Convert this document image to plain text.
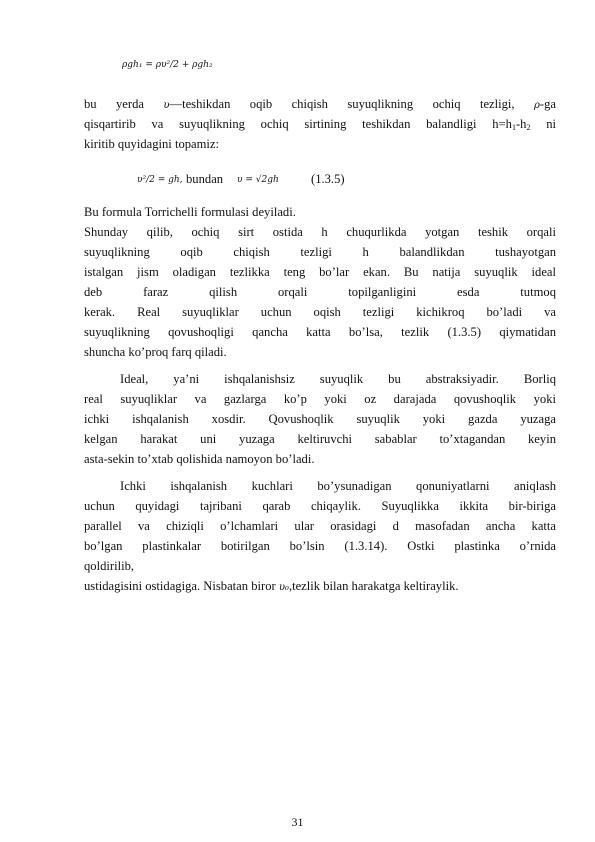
ρgh₁ = ρυ²/2 + ρgh₂
bu yerda υ—teshikdan oqib chiqish suyuqlikning ochiq tezligi, ρ-ga
qisqartirib va suyuqlikning ochiq sirtining teshikdan balandligi $h=h_1-h_2$ ni
kiritib quyidagini topamiz:
υ²/2 = gh, bundan υ = √2gh	(1.3.5)
Bu formula Torrichelli formulasi deyiladi.
Shunday qilib, ochiq sirt ostida h chuqurlikda yotgan teshik orqali
suyuqlikning oqib chiqish tezligi h balandlikdan tushayotgan
istalgan jism oladigan tezlikka teng bo’lar ekan. Bu natija suyuqlik ideal
deb faraz qilish orqali topilganligini esda tutmoq
kerak. Real suyuqliklar uchun oqish tezligi kichikroq bo’ladi va
suyuqlikning qovushoqligi qancha katta bo’lsa, tezlik (1.3.5) qiymatidan
shuncha ko’proq farq qiladi.
Ideal, ya’ni ishqalanishsiz suyuqlik bu abstraksiyadir. Borliq
real suyuqliklar va gazlarga ko’p yoki oz darajada qovushoqlik yoki
ichki ishqalanish xosdir. Qovushoqlik suyuqlik yoki gazda yuzaga
kelgan harakat uni yuzaga keltiruvchi sabablar to’xtagandan keyin
asta-sekin to’xtab qolishida namoyon bo’ladi.
Ichki ishqalanish kuchlari bo’ysunadigan qonuniyatlarni aniqlash
uchun quyidagi tajribani qarab chiqaylik. Suyuqlikka ikkita bir-biriga
parallel va chiziqli o’lchamlari ular orasidagi d masofadan ancha katta
bo’lgan plastinkalar botirilgan bo’lsin (1.3.14). Ostki plastinka o’rnida
qoldirilib,
ustidagisini ostidagiga. Nisbatan biror υ₀,tezlik bilan harakatga keltiraylik.
31
